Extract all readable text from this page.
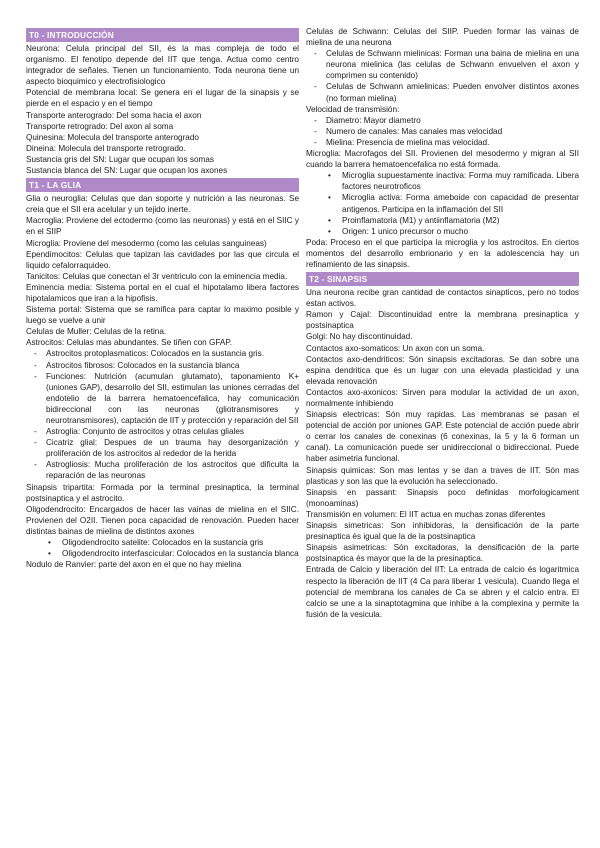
T0 - INTRODUCCIÓN

Neurona: Celula principal del SII, és la mas compleja de todo el organismo. El fenotipo depende del IIT que tenga. Actua como centro integrador de señales. Tienen un funcionamiento. Toda neurona tiene un aspecto bioquimico y electrofisiologico

Potencial de membrana local: Se genera en el lugar de la sinapsis y se pierde en el espacio y en el tiempo

Transporte anterogrado: Del soma hacia el axon

Transporte retrogrado: Del axon al soma

Quinesina: Molecula del transporte anterogrado

Dineina: Molecula del transporte retrogrado.

Sustancia gris del SN: Lugar que ocupan los somas

Sustancia blanca del SN: Lugar que ocupan los axones

T1 - LA GLIA

Glia o neuroglia: Celulas que dan soporte y nutrición a las neuronas. Se creia que el SII era acelular y un tejido inerte.

Macroglia: Proviene del ectodermo (como las neuronas) y está en el SIIC y en el SIIP

Microglia: Proviene del mesodermo (como las celulas sanguineas)

Ependimocitos: Celulas que tapizan las cavidades por las que circula el liquido cefalorraquideo.

Tanicitos: Celulas que conectan el 3r ventriculo con la eminencia media.

Eminencia media: Sistema portal en el cual el hipotalamo libera factores hipotalamicos que iran a la hipofisis.

Sistema portal: Sistema que se ramifica para captar lo maximo posible y luego se vuelve a unir

Celulas de Muller: Celulas de la retina.

Astrocitos: Celulas mas abundantes. Se tiñen con GFAP.

- Astrocitos protoplasmaticos: Colocados en la sustancia gris.
- Astrocitos fibrosos: Colocados en la sustancia blanca
- Funciones: Nutrición (acumulan glutamato), taponamiento K+ (uniones GAP), desarrollo del SII, estimulan las uniones cerradas del endotelio de la barrera hematoencefalica, hay comunicación bidireccional con las neuronas (gliotransmisores y neurotransmisores), captación de IIT y protección y reparación del SII
- Astroglia: Conjunto de astrocitos y otras celulas gliales
- Cicatriz glial: Despues de un trauma hay desorganización y proliferación de los astrocitos al rededor de la herida
- Astrogliosis: Mucha proliferación de los astrocitos que dificulta la reparación de las neuronas

Sinapsis tripartita: Formada por la terminal presinaptica, la terminal postsinaptica y el astrocito.

Oligodendrocito: Encargados de hacer las vainas de mielina en el SIIC. Provienen del O2II. Tienen poca capacidad de renovación. Pueden hacer distintas bainas de mielina de distintos axones

• Oligodendrocito satelite: Colocados en la sustancia gris
• Oligodendrocito interfascicular: Colocados en la sustancia blanca

Nodulo de Ranvier: parte del axon en el que no hay mielina

Celulas de Schwann: Celulas del SIIP. Pueden formar las vainas de mielina de una neurona

- Celulas de Schwann mielinicas: Forman una baina de mielina en una neurona mielinica (las celulas de Schwann envuelven el axon y comprimen su contenido)
- Celulas de Schwann amielinicas: Pueden envolver distintos axones (no forman mielina)

Velocidad de transmisión:

- Diametro: Mayor diametro
- Numero de canales: Mas canales mas velocidad
- Mielina: Presencia de mielina mas velocidad.

Microglia: Macrofagos del SII. Provienen del mesodermo y migran al SII cuando la barrera hematoencefalica no está formada.

• Microglia supuestamente inactiva: Forma muy ramificada. Libera factores neurotroficos
• Microglia activa: Forma ameboide con capacidad de presentar antigenos. Participa en la inflamación del SII
• Proinflamatoria (M1) y antiinflamatoria (M2)
• Origen: 1 unico precursor o mucho

Poda: Proceso en el que participa la microglia y los astrocitos. En ciertos momentos del desarrollo embrionario y en la adolescencia hay un refinamiento de las sinapsis.

T2 - SINAPSIS

Una neurona recibe gran cantidad de contactos sinapticos, pero no todos estan activos.

Ramon y Cajal: Discontinuidad entre la membrana presinaptica y postsinaptica

Golgi: No hay discontinuidad.

Contactos axo-somaticos: Un axon con un soma.

Contactos axo-dendriticos: Són sinapsis excitadoras. Se dan sobre una espina dendritica que és un lugar con una elevada plasticidad y una elevada renovación

Contactos axo-axonicos: Sirven para modular la actividad de un axon, normalmente inhibiendo

Sinapsis electricas: Són muy rapidas. Las membranas se pasan el potencial de acción por uniones GAP. Este potencial de acción puede abrir o cerrar los canales de conexinas (6 conexinas, la 5 y la 6 forman un canal). La comunicación puede ser unidireccional o bidireccional. Puede haber asimetria funcional.

Sinapsis quimicas: Son mas lentas y se dan a traves de IIT. Són mas plasticas y son las que la evolución ha seleccionado.

Sinapsis en passant: Sinapsis poco definidas morfologicament (monoaminas)

Transmisión en volumen: El IIT actua en muchas zonas diferentes

Sinapsis simetricas: Son inhibidoras, la densificación de la parte presinaptica és igual que la de la postsinaptica

Sinapsis asimetricas: Són excitadoras, la densificación de la parte postsinaptica és mayor que la de la presinaptica.

Entrada de Calcio y liberación del IIT: La entrada de calcio és logaritmica respecto la liberación de IIT (4 Ca para liberar 1 vesicula). Cuando llega el potencial de membrana los canales de Ca se abren y el calcio entra. El calcio se une a la sinaptotagmina que inhibe a la complexina y permite la fusión de la vesicula.
